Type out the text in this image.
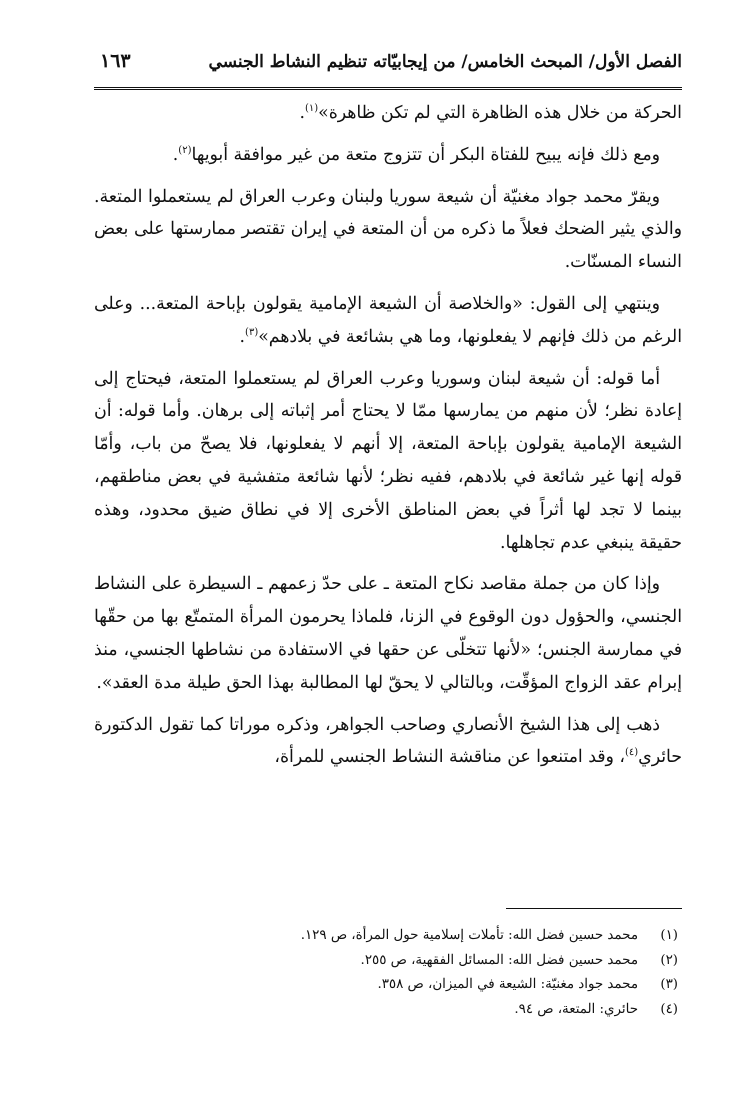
الفصل الأول/ المبحث الخامس/ من إيجابيّاته تنظيم النشاط الجنسي
١٦٣

الحركة من خلال هذه الظاهرة التي لم تكن ظاهرة»$^{(١)}$.

ومع ذلك فإنه يبيح للفتاة البكر أن تتزوج متعة من غير موافقة أبويها$^{(٢)}$.

ويقرّ محمد جواد مغنيّة أن شيعة سوريا ولبنان وعرب العراق لم يستعملوا المتعة. والذي يثير الضحك فعلاً ما ذكره من أن المتعة في إيران تقتصر ممارستها على بعض النساء المسنّات.

وينتهي إلى القول: «والخلاصة أن الشيعة الإمامية يقولون بإباحة المتعة... وعلى الرغم من ذلك فإنهم لا يفعلونها، وما هي بشائعة في بلادهم»$^{(٣)}$.

أما قوله: أن شيعة لبنان وسوريا وعرب العراق لم يستعملوا المتعة، فيحتاج إلى إعادة نظر؛ لأن منهم من يمارسها ممّا لا يحتاج أمر إثباته إلى برهان. وأما قوله: أن الشيعة الإمامية يقولون بإباحة المتعة، إلا أنهم لا يفعلونها، فلا يصحّ من باب، وأمّا قوله إنها غير شائعة في بلادهم، ففيه نظر؛ لأنها شائعة متفشية في بعض مناطقهم، بينما لا تجد لها أثراً في بعض المناطق الأخرى إلا في نطاق ضيق محدود، وهذه حقيقة ينبغي عدم تجاهلها.

وإذا كان من جملة مقاصد نكاح المتعة ـ على حدّ زعمهم ـ السيطرة على النشاط الجنسي، والحؤول دون الوقوع في الزنا، فلماذا يحرمون المرأة المتمتّع بها من حقّها في ممارسة الجنس؛ «لأنها تتخلّى عن حقها في الاستفادة من نشاطها الجنسي، منذ إبرام عقد الزواج المؤقّت، وبالتالي لا يحقّ لها المطالبة بهذا الحق طيلة مدة العقد».

ذهب إلى هذا الشيخ الأنصاري وصاحب الجواهر، وذكره موراتا كما تقول الدكتورة حائري$^{(٤)}$، وقد امتنعوا عن مناقشة النشاط الجنسي للمرأة،

(١)
محمد حسين فضل الله: تأملات إسلامية حول المرأة، ص ١٢٩.
(٢)
محمد حسين فضل الله: المسائل الفقهية، ص ٢٥٥.
(٣)
محمد جواد مغنيّة: الشيعة في الميزان، ص ٣٥٨.
(٤)
حائري: المتعة، ص ٩٤.
